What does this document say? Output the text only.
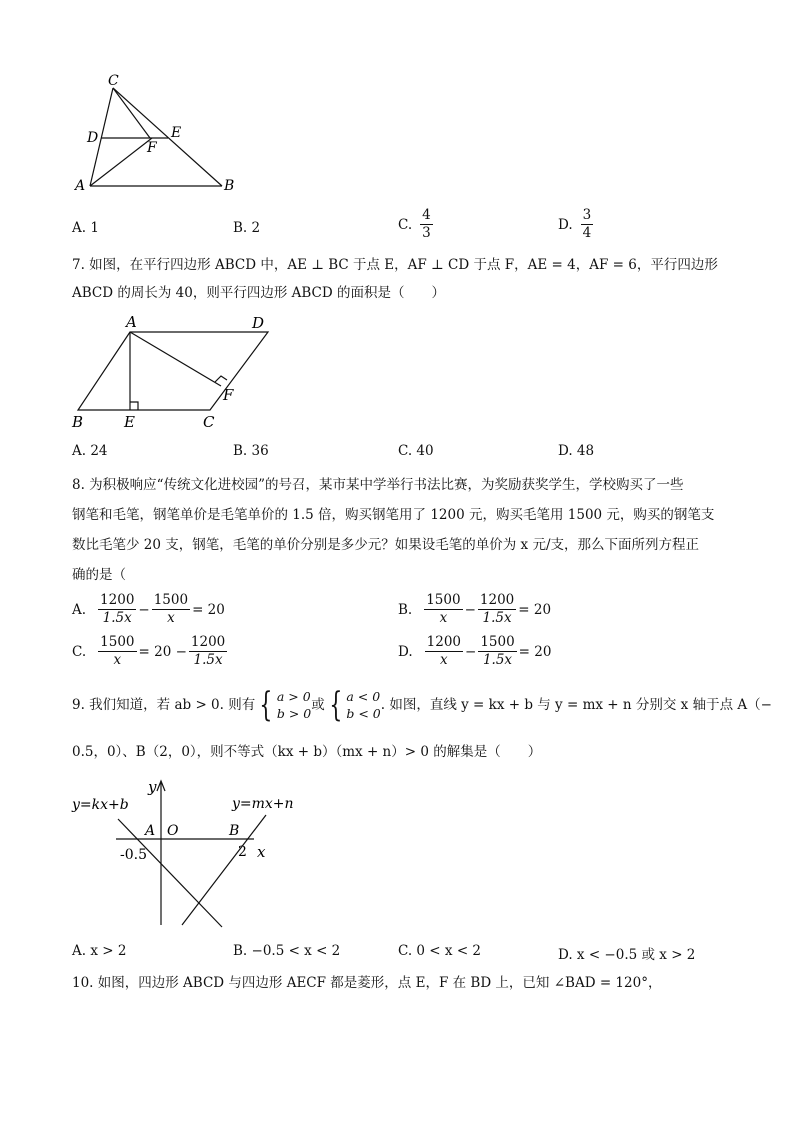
C
D	E
F
A	B
A. 1	B. 2	C. $\frac{4}{3}$	D. $\frac{3}{4}$
7. 如图，在平行四边形 ABCD 中，AE ⊥ BC 于点 E，AF ⊥ CD 于点 F，AE = 4，AF = 6，平行四边形
ABCD 的周长为 40，则平行四边形 ABCD 的面积是（　　）
A	D
F
B	E	C
A. 24	B. 36	C. 40	D. 48
8. 为积极响应“传统文化进校园”的号召，某市某中学举行书法比赛，为奖励获奖学生，学校购买了一些
钢笔和毛笔，钢笔单价是毛笔单价的 1.5 倍，购买钢笔用了 1200 元，购买毛笔用 1500 元，购买的钢笔支
数比毛笔少 20 支，钢笔，毛笔的单价分别是多少元？如果设毛笔的单价为 x 元/支，那么下面所列方程正
确的是（
A. $\frac{1200}{1.5x} - \frac{1500}{x} = 20$	B. $\frac{1500}{x} - \frac{1200}{1.5x} = 20$
C. $\frac{1500}{x} = 20 - \frac{1200}{1.5x}$	D. $\frac{1200}{x} - \frac{1500}{1.5x} = 20$
9. 我们知道，若 ab > 0. 则有 { a > 0
b > 0
或 { a < 0
b < 0
. 如图，直线 y = kx + b 与 y = mx + n 分别交 x 轴于点 A（−
0.5，0）、B（2，0），则不等式（kx + b）（mx + n）> 0 的解集是（　　）
y
y=kx+b	y=mx+n
A O	B
-0.5	2 x
A. x > 2	B. −0.5 < x < 2	C. 0 < x < 2	D. x < −0.5 或 x > 2
10. 如图，四边形 ABCD 与四边形 AECF 都是菱形，点 E，F 在 BD 上，已知 ∠BAD = 120°，
